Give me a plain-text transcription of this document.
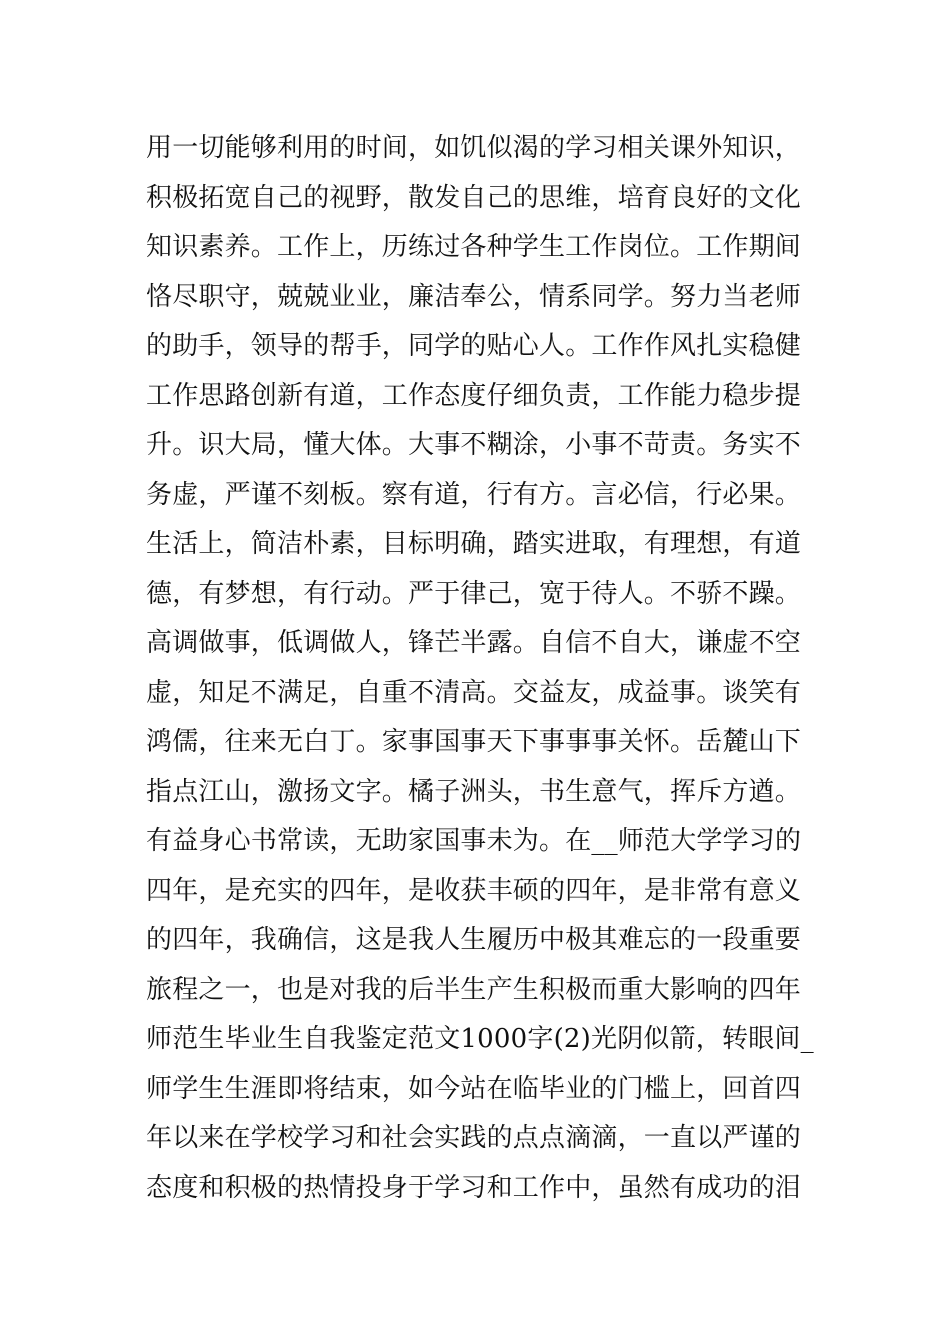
用一切能够利用的时间，如饥似渴的学习相关课外知识，
积极拓宽自己的视野，散发自己的思维，培育良好的文化
知识素养。工作上，历练过各种学生工作岗位。工作期间
恪尽职守，兢兢业业，廉洁奉公，情系同学。努力当老师
的助手，领导的帮手，同学的贴心人。工作作风扎实稳健
工作思路创新有道，工作态度仔细负责，工作能力稳步提
升。识大局，懂大体。大事不糊涂，小事不苛责。务实不
务虚，严谨不刻板。察有道，行有方。言必信，行必果。
生活上，简洁朴素，目标明确，踏实进取，有理想，有道
德，有梦想，有行动。严于律己，宽于待人。不骄不躁。
高调做事，低调做人，锋芒半露。自信不自大，谦虚不空
虚，知足不满足，自重不清高。交益友，成益事。谈笑有
鸿儒，往来无白丁。家事国事天下事事事关怀。岳麓山下
指点江山，激扬文字。橘子洲头，书生意气，挥斥方遒。
有益身心书常读，无助家国事未为。在__师范大学学习的
四年，是充实的四年，是收获丰硕的四年，是非常有意义
的四年，我确信，这是我人生履历中极其难忘的一段重要
旅程之一，也是对我的后半生产生积极而重大影响的四年
师范生毕业生自我鉴定范文1000字(2)光阴似箭，转眼间_
师学生生涯即将结束，如今站在临毕业的门槛上，回首四
年以来在学校学习和社会实践的点点滴滴，一直以严谨的
态度和积极的热情投身于学习和工作中，虽然有成功的泪
